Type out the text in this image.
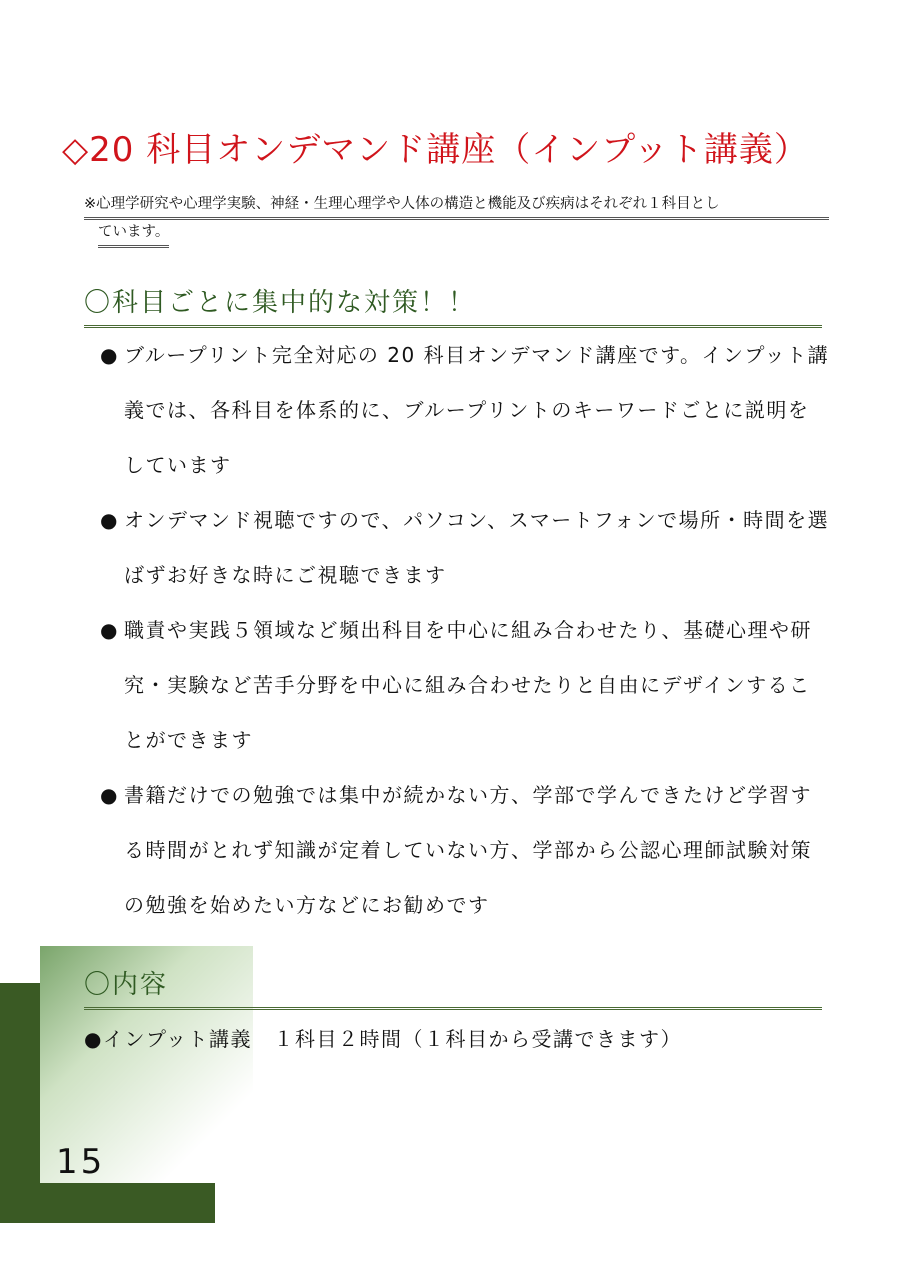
◇20 科目オンデマンド講座（インプット講義）
※心理学研究や心理学実験、神経・生理心理学や人体の構造と機能及び疾病はそれぞれ１科目とし
ています。
〇科目ごとに集中的な対策！！
● ブループリント完全対応の 20 科目オンデマンド講座です。インプット講義では、各科目を体系的に、ブループリントのキーワードごとに説明をしています
● オンデマンド視聴ですので、パソコン、スマートフォンで場所・時間を選ばずお好きな時にご視聴できます
● 職責や実践５領域など頻出科目を中心に組み合わせたり、基礎心理や研究・実験など苦手分野を中心に組み合わせたりと自由にデザインすることができます
● 書籍だけでの勉強では集中が続かない方、学部で学んできたけど学習する時間がとれず知識が定着していない方、学部から公認心理師試験対策の勉強を始めたい方などにお勧めです
〇内容
●インプット講義　１科目２時間（１科目から受講できます）
15
